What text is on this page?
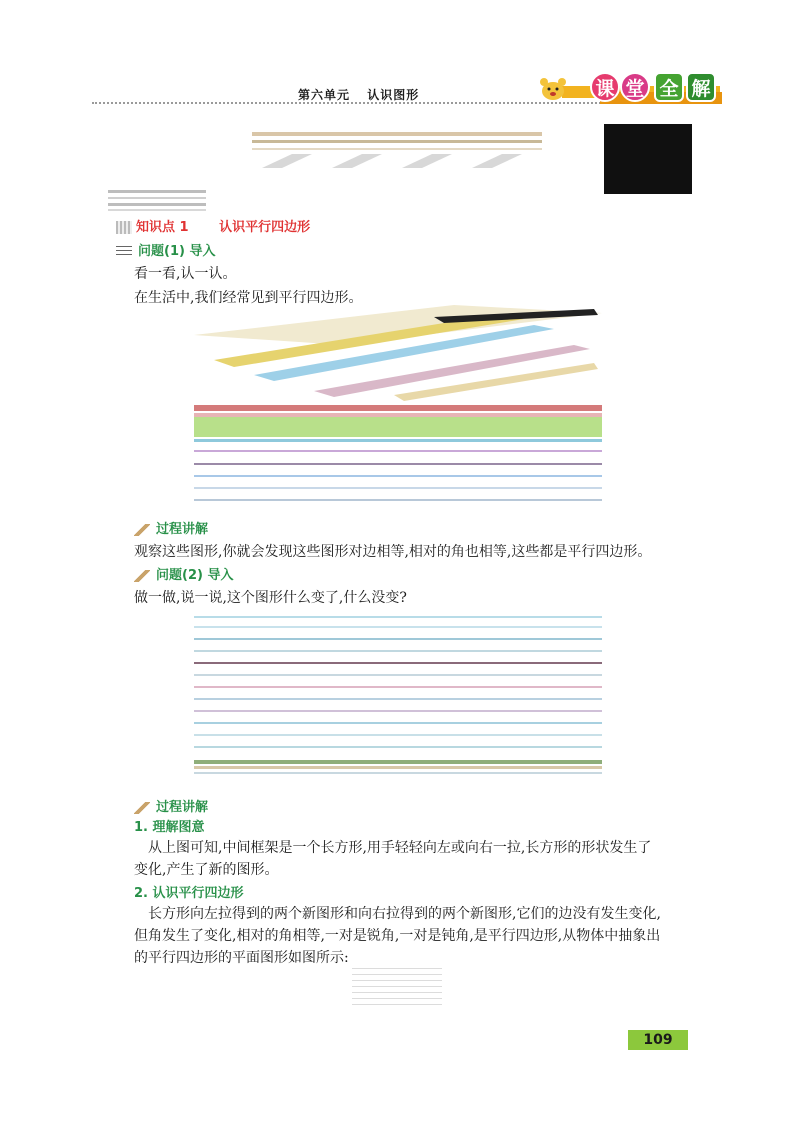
第六单元 认识图形	课 堂 全 解
知识点 1 认识平行四边形
问题(1) 导入
看一看,认一认。
在生活中,我们经常见到平行四边形。
过程讲解
观察这些图形,你就会发现这些图形对边相等,相对的角也相等,这些都是平行四边形。
问题(2) 导入
做一做,说一说,这个图形什么变了,什么没变?
过程讲解
1. 理解图意
从上图可知,中间框架是一个长方形,用手轻轻向左或向右一拉,长方形的形状发生了
变化,产生了新的图形。
2. 认识平行四边形
长方形向左拉得到的两个新图形和向右拉得到的两个新图形,它们的边没有发生变化,
但角发生了变化,相对的角相等,一对是锐角,一对是钝角,是平行四边形,从物体中抽象出
的平行四边形的平面图形如图所示:
109
